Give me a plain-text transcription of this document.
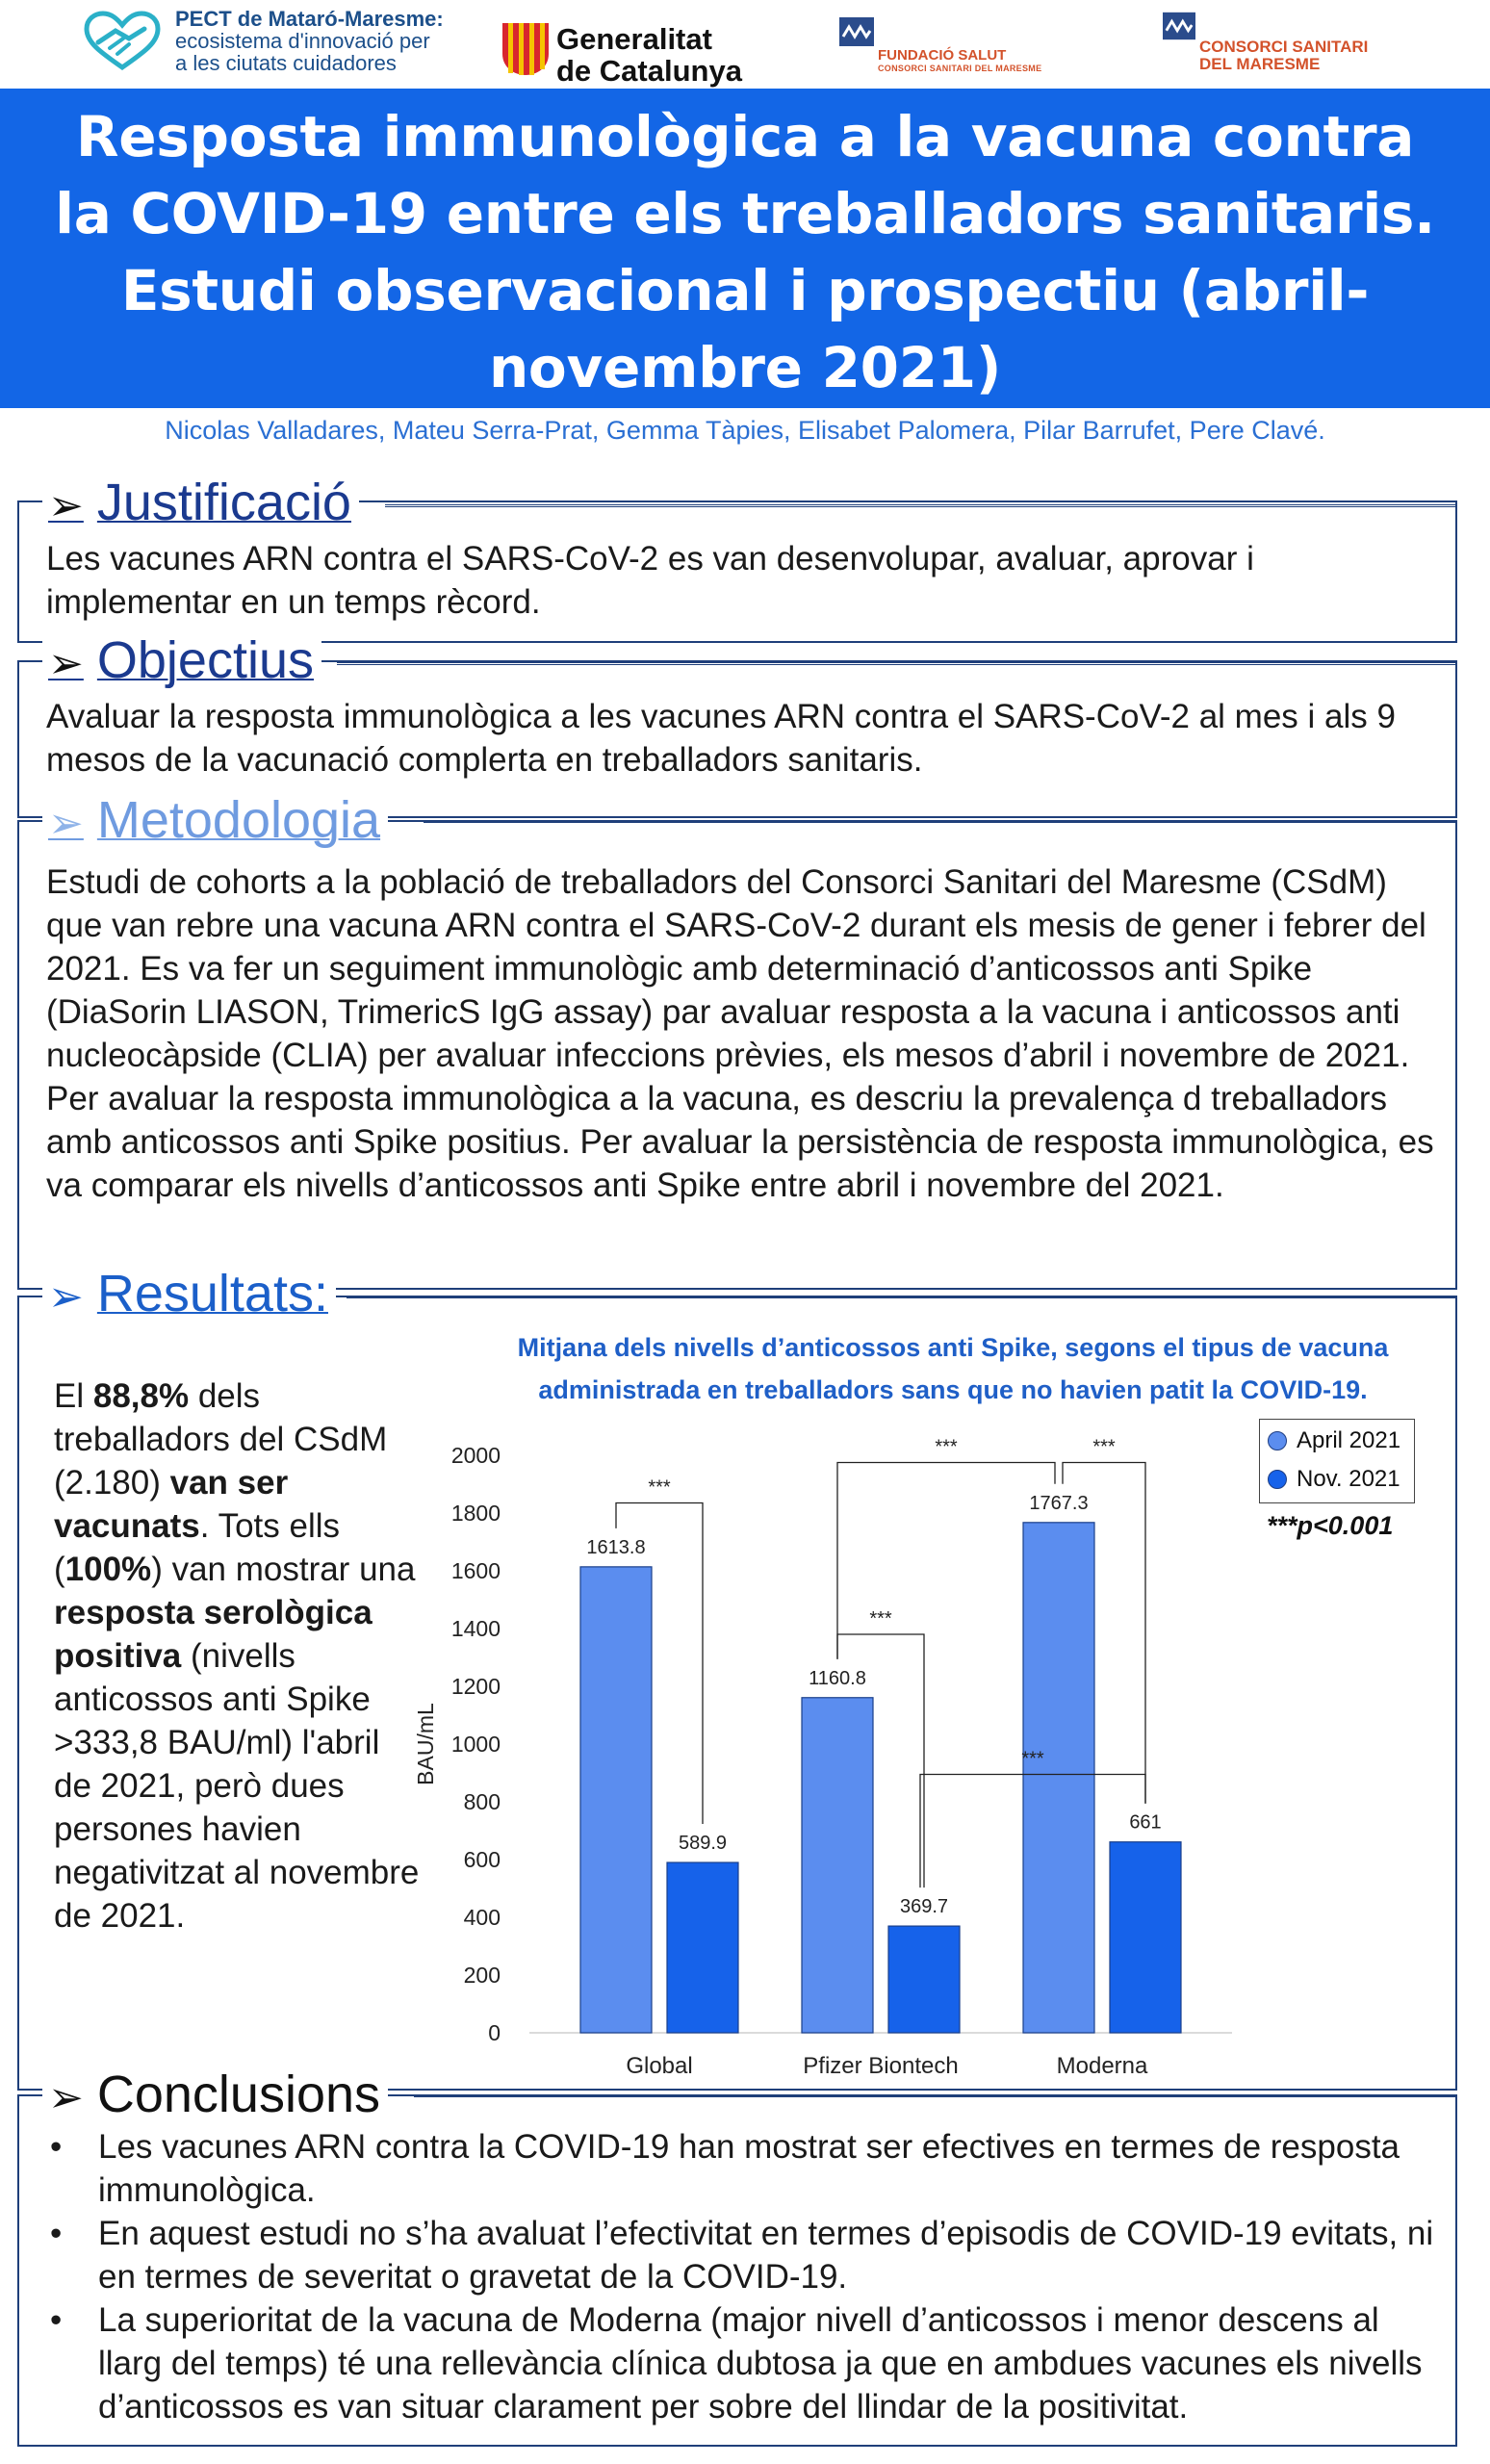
PECT de Mataró-Maresme:
ecosistema d'innovació per
a les ciutats cuidadores
Generalitat
de Catalunya	FUNDACIÓ SALUT
CONSORCI SANITARI DEL MARESME
CONSORCI SANITARI
DEL MARESME
Resposta immunològica a la vacuna contra la COVID-19 entre els treballadors sanitaris. Estudi observacional i prospectiu (abril-novembre 2021)
Nicolas Valladares, Mateu Serra-Prat, Gemma Tàpies, Elisabet Palomera, Pilar Barrufet, Pere Clavé.
➢ Justificació
Les vacunes ARN contra el SARS-CoV-2 es van desenvolupar, avaluar, aprovar i implementar en un temps rècord.
➢ Objectius
Avaluar la resposta immunològica a les vacunes ARN contra el SARS-CoV-2 al mes i als 9 mesos de la vacunació complerta en treballadors sanitaris.
➢ Metodologia
Estudi de cohorts a la població de treballadors del Consorci Sanitari del Maresme (CSdM) que van rebre una vacuna ARN contra el SARS-CoV-2 durant els mesis de gener i febrer del 2021. Es va fer un seguiment immunològic amb determinació d’anticossos anti Spike (DiaSorin LIASON, TrimericS IgG assay) par avaluar resposta a la vacuna i anticossos anti nucleocàpside (CLIA) per avaluar infeccions prèvies, els mesos d’abril i novembre de 2021. Per avaluar la resposta immunològica a la vacuna, es descriu la prevalença d treballadors amb anticossos anti Spike positius. Per avaluar la persistència de resposta immunològica, es va comparar els nivells d’anticossos anti Spike entre abril i novembre del 2021.
➢ Resultats:
El 88,8% dels treballadors del CSdM (2.180) van ser vacunats. Tots ells (100%) van mostrar una resposta serològica positiva (nivells anticossos anti Spike >333,8 BAU/ml) l'abril de 2021, però dues persones havien negativitzat al novembre de 2021.
Mitjana dels nivells d’anticossos anti Spike, segons el tipus de vacuna administrada en treballadors sans que no havien patit la COVID-19.
0
200
400
600
800
1000
1200
1400
1600
1800
2000
BAU/mL
1613.8
589.9
Global
1160.8
369.7
Pfizer Biontech
1767.3
661
Moderna
***
***
***	***
***
April 2021
Nov. 2021
***p<0.001
➢ Conclusions
• Les vacunes ARN contra la COVID-19 han mostrat ser efectives en termes de resposta immunològica.
• En aquest estudi no s’ha avaluat l’efectivitat en termes d’episodis de COVID-19 evitats, ni en termes de severitat o gravetat de la COVID-19.
• La superioritat de la vacuna de Moderna (major nivell d’anticossos i menor descens al llarg del temps) té una rellevància clínica dubtosa ja que en ambdues vacunes els nivells d’anticossos es van situar clarament per sobre del llindar de la positivitat.
